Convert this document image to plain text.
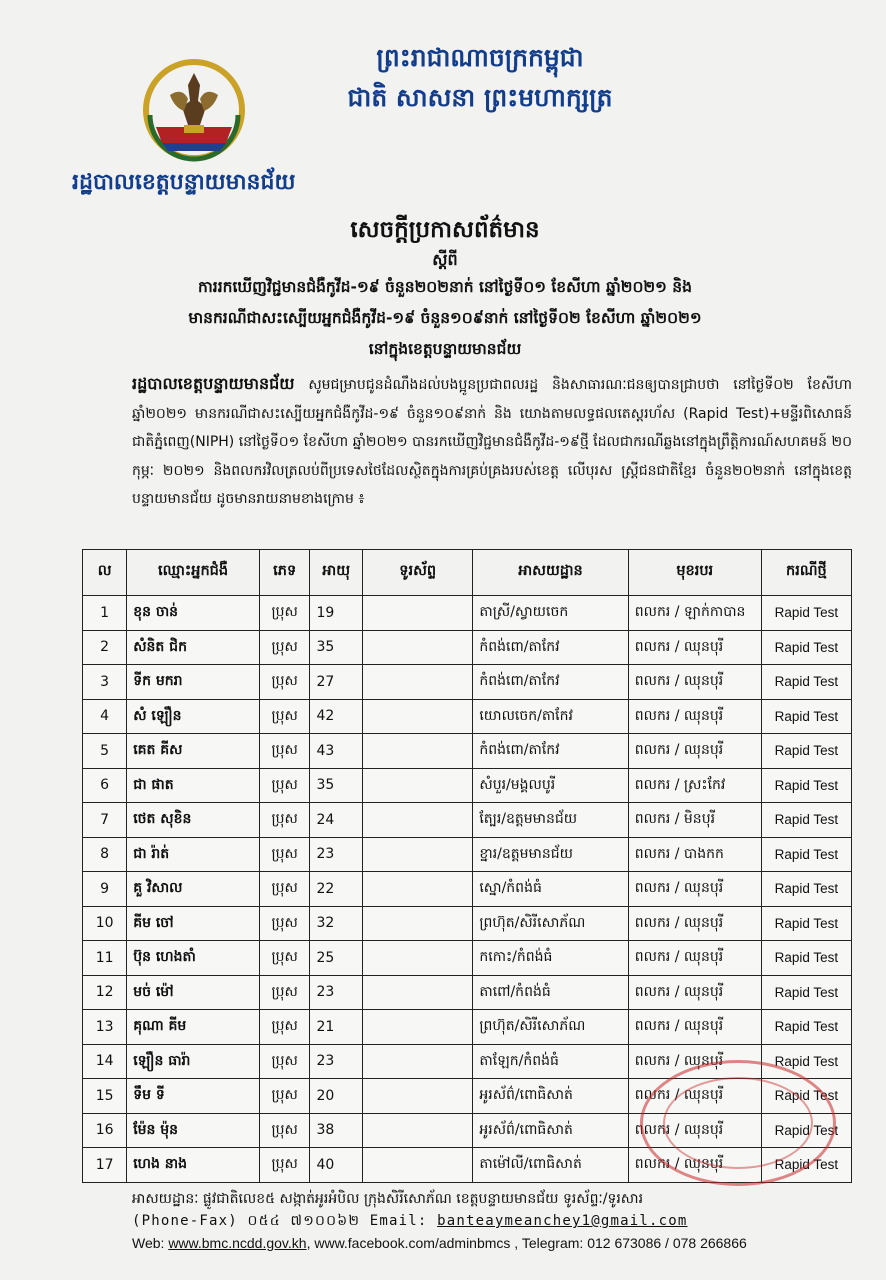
ព្រះរាជាណាចក្រកម្ពុជា
ជាតិ សាសនា ព្រះមហាក្សត្រ
រដ្ឋបាលខេត្តបន្ទាយមានជ័យ
សេចក្តីប្រកាសព័ត៌មាន
ស្តីពី
ការរកឃើញវិជ្ជមានជំងឺកូវីដ-១៩ ចំនួន២០២នាក់ នៅថ្ងៃទី០១ ខែសីហា ឆ្នាំ២០២១ និង
មានករណីជាសះស្បើយអ្នកជំងឺកូវីដ-១៩ ចំនួន១០៩នាក់ នៅថ្ងៃទី០២ ខែសីហា ឆ្នាំ២០២១
នៅក្នុងខេត្តបន្ទាយមានជ័យ
រដ្ឋបាលខេត្តបន្ទាយមានជ័យ សូមជម្រាបជូនដំណឹងដល់បងប្អូនប្រជាពលរដ្ឋ និងសាធារណៈជនឲ្យបានជ្រាបថា នៅថ្ងៃទី០២ ខែសីហា ឆ្នាំ២០២១ មានករណីជាសះស្បើយអ្នកជំងឺកូវីដ-១៩ ចំនួន១០៩នាក់ និង យោងតាមលទ្ធផលតេស្តរហ័ស (Rapid Test)+មន្ទីរពិសោធន៍ជាតិភ្នំពេញ(NIPH) នៅថ្ងៃទី០១ ខែសីហា ឆ្នាំ២០២១ បានរកឃើញវិជ្ជមានជំងឺកូវីដ-១៩ថ្មី ដែលជាករណីឆ្លងនៅក្នុងព្រឹត្តិការណ៍សហគមន៍ ២០ កុម្ភៈ ២០២១ និងពលករវិលត្រលប់ពីប្រទេសថៃដែលស្ថិតក្នុងការគ្រប់គ្រងរបស់ខេត្ត លើបុរស ស្ត្រីជនជាតិខ្មែរ ចំនួន២០២នាក់ នៅក្នុងខេត្តបន្ទាយមានជ័យ ដូចមានរាយនាមខាងក្រោម ៖
ល	ឈ្មោះអ្នកជំងឺ	ភេទ	អាយុ	ទូរស័ព្ទ	អាសយដ្ឋាន	មុខរបរ	ករណីថ្មី
1	ខុន ចាន់	ប្រុស	19		តាស្រី/ស្វាយចេក	ពលករ / ឡាក់កាបាន	Rapid Test
2	សំនិត ជិក	ប្រុស	35		កំពង់ពោ/តាកែវ	ពលករ / ឈុនបុរី	Rapid Test
3	ទីក មករា	ប្រុស	27		កំពង់ពោ/តាកែវ	ពលករ / ឈុនបុរី	Rapid Test
4	សំ ឡឿន	ប្រុស	42		យោលចេក/តាកែវ	ពលករ / ឈុនបុរី	Rapid Test
5	គេត គីស	ប្រុស	43		កំពង់ពោ/តាកែវ	ពលករ / ឈុនបុរី	Rapid Test
6	ជា ផាត	ប្រុស	35		សំបួរ/មង្គលបូរី	ពលករ / ស្រះកែវ	Rapid Test
7	ថេត សុខិន	ប្រុស	24		ត្បែរ/ឧត្តមមានជ័យ	ពលករ / មិនបុរី	Rapid Test
8	ជា រ៉ាត់	ប្រុស	23		ខ្នារ/ឧត្តមមានជ័យ	ពលករ / បាងកក	Rapid Test
9	គួ វិសាល	ប្រុស	22		ស្នោ/កំពង់ធំ	ពលករ / ឈុនបុរី	Rapid Test
10	គីម ចៅ	ប្រុស	32		ព្រហ៊ុត/សិរីសោភ័ណ	ពលករ / ឈុនបុរី	Rapid Test
11	ប៊ុន ហេងតាំ	ប្រុស	25		កកោះ/កំពង់ធំ	ពលករ / ឈុនបុរី	Rapid Test
12	មច់ ម៉ៅ	ប្រុស	23		តាពៅ/កំពង់ធំ	ពលករ / ឈុនបុរី	Rapid Test
13	គុណា គីម	ប្រុស	21		ព្រហ៊ុត/សិរីសោភ័ណ	ពលករ / ឈុនបុរី	Rapid Test
14	ឡឿន ធារ៉ា	ប្រុស	23		តាឡែក/កំពង់ធំ	ពលករ / ឈុនបុរី	Rapid Test
15	ទឹម ទី	ប្រុស	20		អូរស័ព៌/ពោធិសាត់	ពលករ / ឈុនបុរី	Rapid Test
16	ម៉ែន ម៉ុន	ប្រុស	38		អូរស័ព៌/ពោធិសាត់	ពលករ / ឈុនបុរី	Rapid Test
17	ហេង នាង	ប្រុស	40		តាម៉ៅលី/ពោធិសាត់	ពលករ / ឈុនបុរី	Rapid Test
អាសយដ្ឋានៈ ផ្លូវជាតិលេខ៥ សង្កាត់អូរអំបិល ក្រុងសិរីសោភ័ណ ខេត្តបន្ទាយមានជ័យ ទូរស័ព្ទៈ/ទូរសារ
(Phone-Fax) ០៥៤ ៧១០០៦២ Email: banteaymeanchey1@gmail.com
Web: www.bmc.ncdd.gov.kh, www.facebook.com/adminbmcs , Telegram: 012 673086 / 078 266866
